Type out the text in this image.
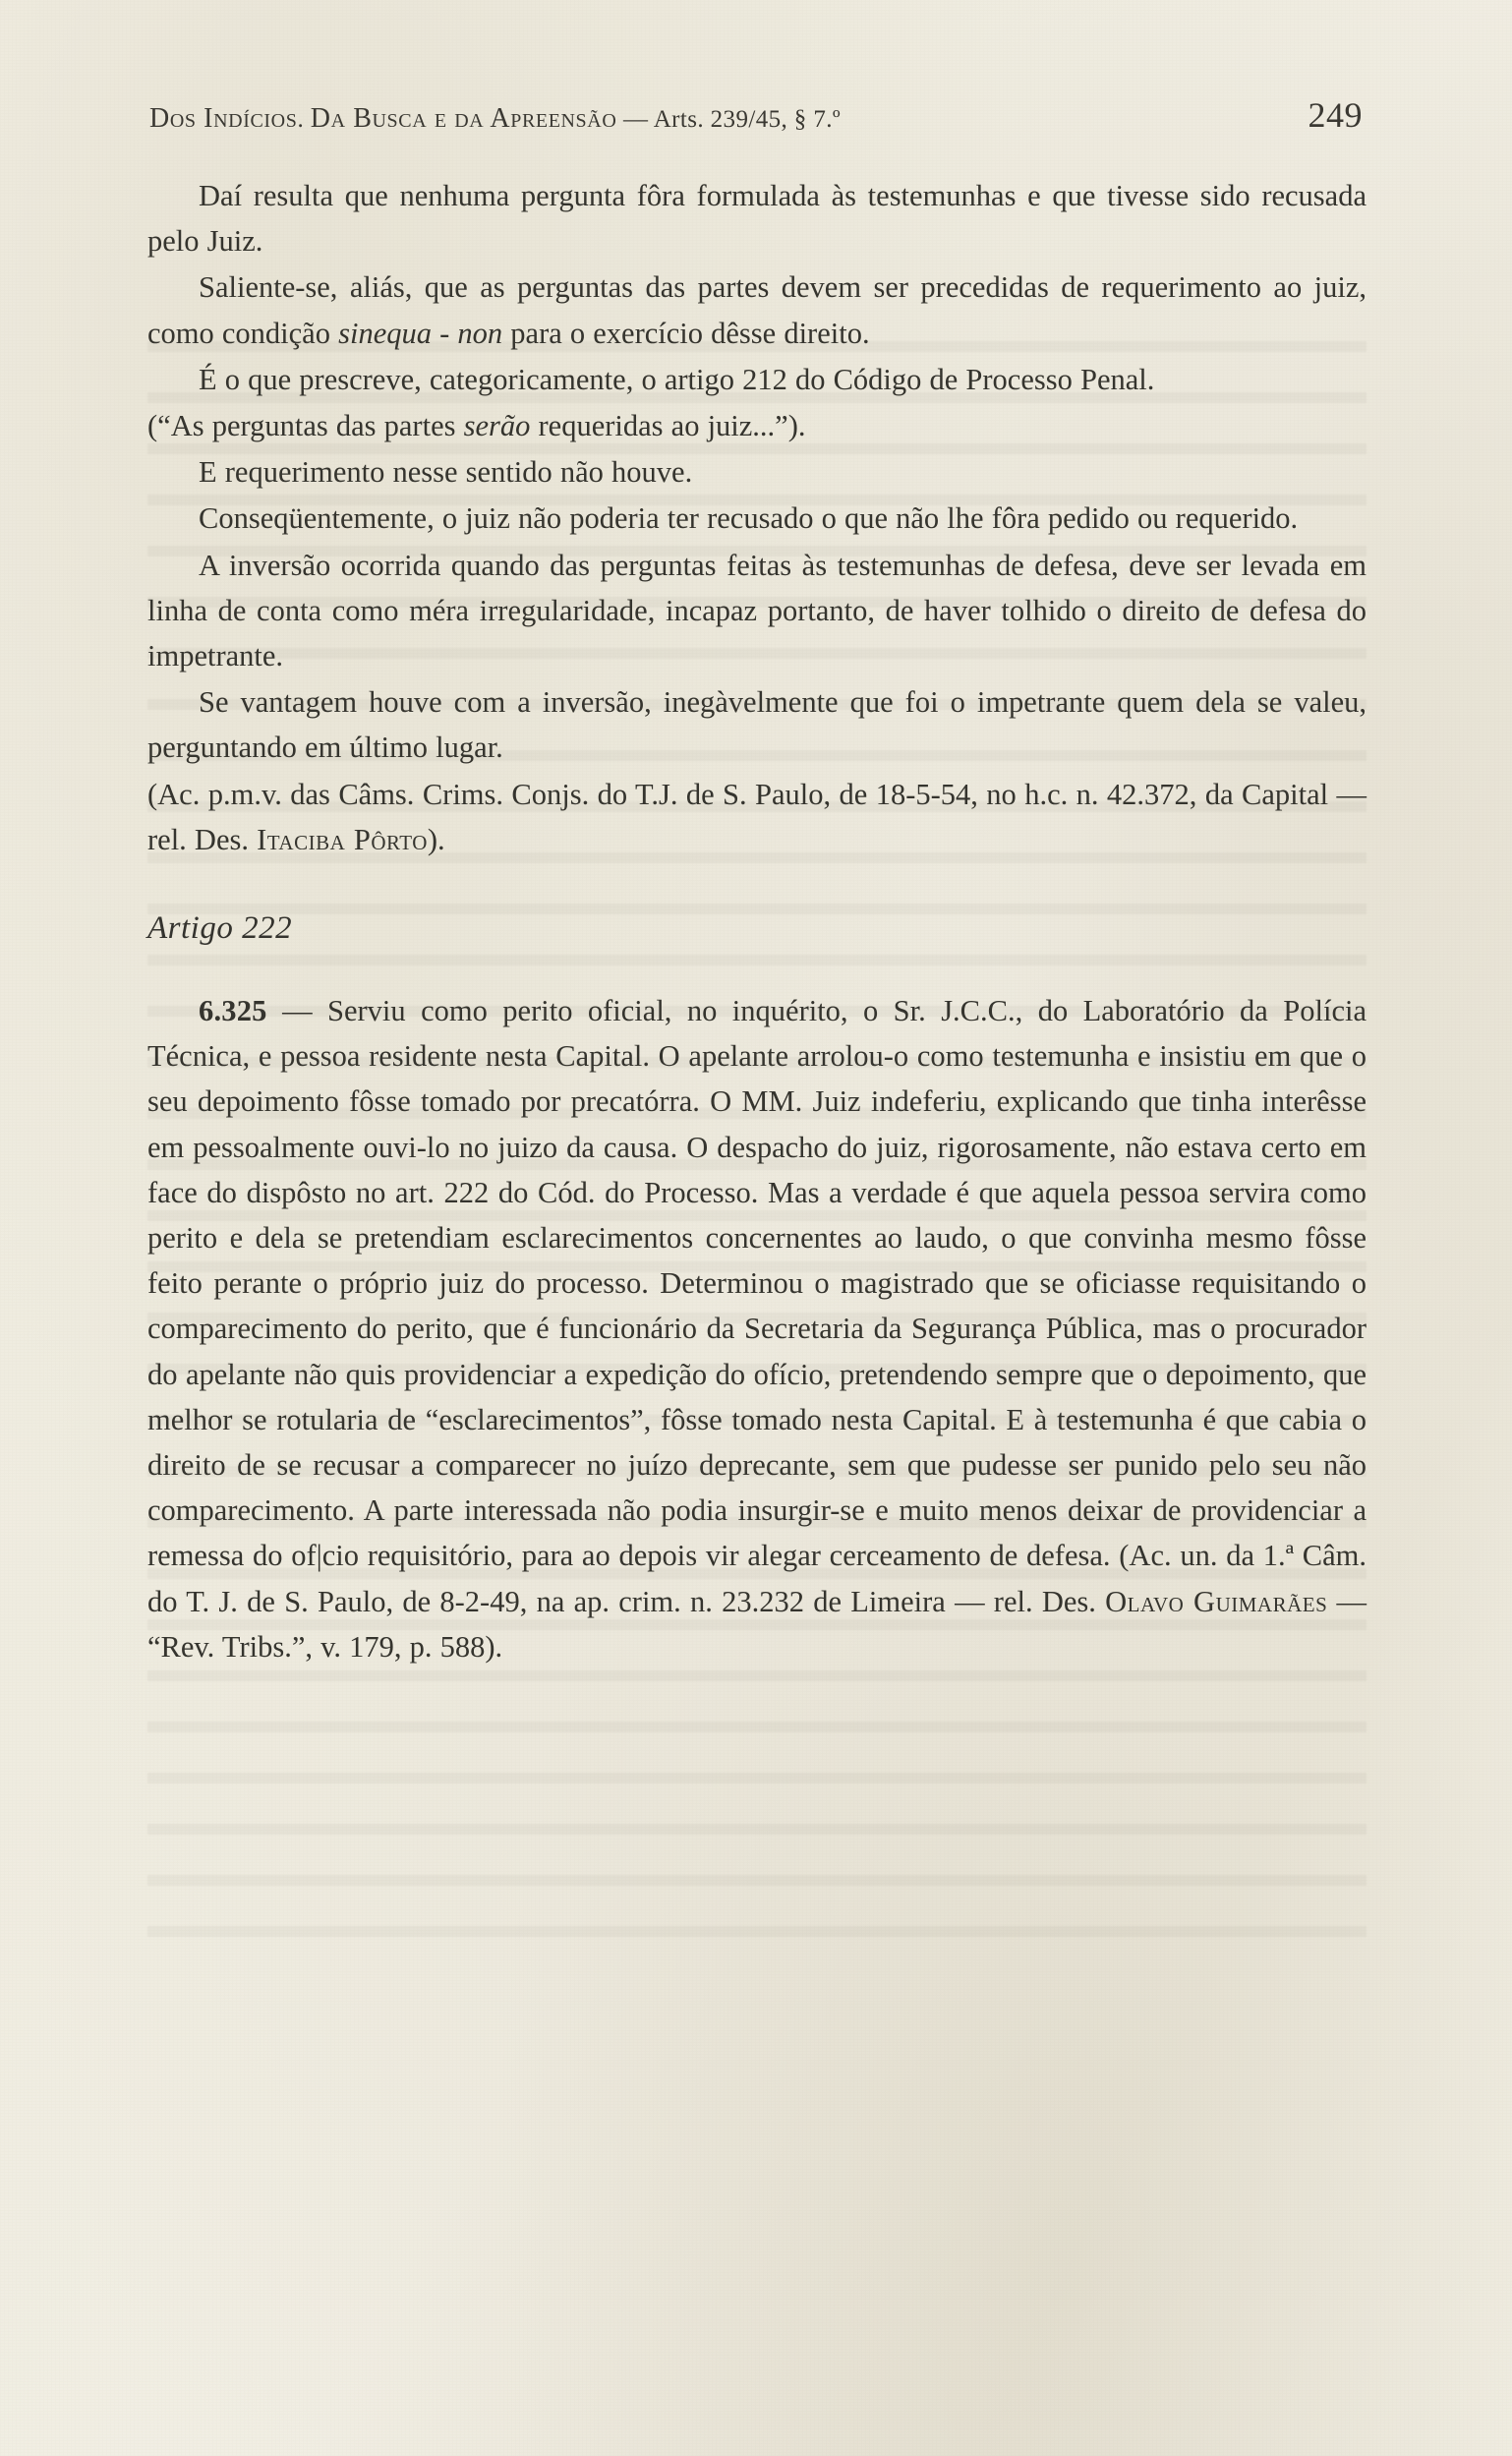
Dos Indícios. Da Busca e da Apreensão — Arts. 239/45, § 7.º	249

Daí resulta que nenhuma pergunta fôra formulada às testemunhas e que tivesse sido recusada pelo Juiz.

Saliente-se, aliás, que as perguntas das partes devem ser precedidas de requerimento ao juiz, como condição sinequa - non para o exercício dêsse direito.

É o que prescreve, categoricamente, o artigo 212 do Código de Processo Penal.

(“As perguntas das partes serão requeridas ao juiz...”).

E requerimento nesse sentido não houve.

Conseqüentemente, o juiz não poderia ter recusado o que não lhe fôra pedido ou requerido.

A inversão ocorrida quando das perguntas feitas às testemunhas de defesa, deve ser levada em linha de conta como méra irregularidade, incapaz portanto, de haver tolhido o direito de defesa do impetrante.

Se vantagem houve com a inversão, inegàvelmente que foi o impetrante quem dela se valeu, perguntando em último lugar.

(Ac. p.m.v. das Câms. Crims. Conjs. do T.J. de S. Paulo, de 18-5-54, no h.c. n. 42.372, da Capital — rel. Des. Itaciba Pôrto).

Artigo 222

6.325 — Serviu como perito oficial, no inquérito, o Sr. J.C.C., do Laboratório da Polícia Técnica, e pessoa residente nesta Capital. O apelante arrolou-o como testemunha e insistiu em que o seu depoimento fôsse tomado por precatórra. O MM. Juiz indeferiu, explicando que tinha interêsse em pessoalmente ouvi-lo no juizo da causa. O despacho do juiz, rigorosamente, não estava certo em face do dispôsto no art. 222 do Cód. do Processo. Mas a verdade é que aquela pessoa servira como perito e dela se pretendiam esclarecimentos concernentes ao laudo, o que convinha mesmo fôsse feito perante o próprio juiz do processo. Determinou o magistrado que se oficiasse requisitando o comparecimento do perito, que é funcionário da Secretaria da Segurança Pública, mas o procurador do apelante não quis providenciar a expedição do ofício, pretendendo sempre que o depoimento, que melhor se rotularia de “esclarecimentos”, fôsse tomado nesta Capital. E à testemunha é que cabia o direito de se recusar a comparecer no juízo deprecante, sem que pudesse ser punido pelo seu não comparecimento. A parte interessada não podia insurgir-se e muito menos deixar de providenciar a remessa do of|cio requisitório, para ao depois vir alegar cerceamento de defesa. (Ac. un. da 1.ª Câm. do T. J. de S. Paulo, de 8-2-49, na ap. crim. n. 23.232 de Limeira — rel. Des. Olavo Guimarães — “Rev. Tribs.”, v. 179, p. 588).
